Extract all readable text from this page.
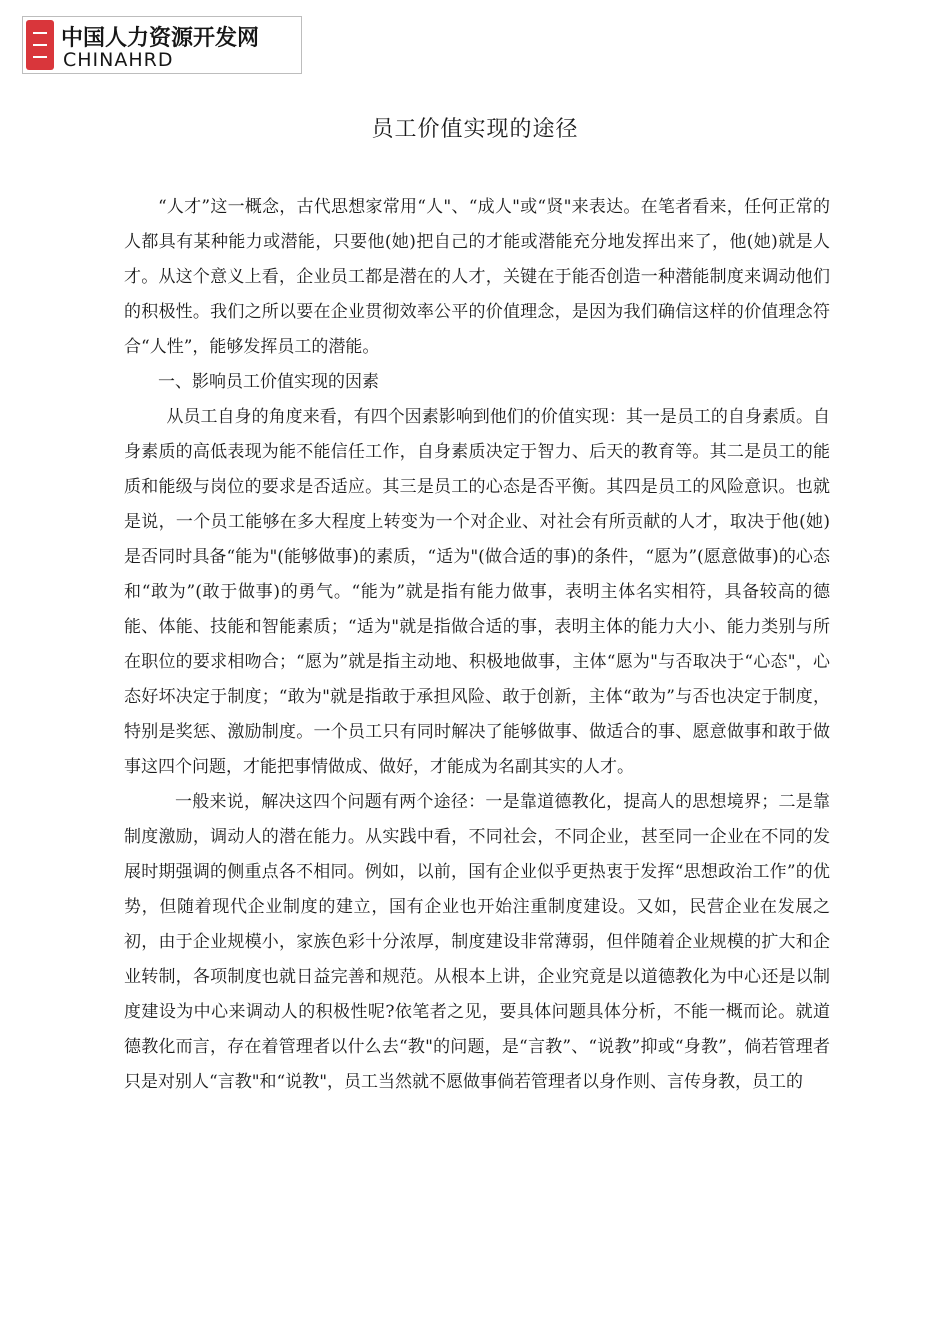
中国人力资源开发网
CHINAHRD
员工价值实现的途径

“人才”这一概念，古代思想家常用“人"、“成人"或“贤"来表达。在笔者看来，任何正常的人都具有某种能力或潜能，只要他(她)把自己的才能或潜能充分地发挥出来了，他(她)就是人才。从这个意义上看，企业员工都是潜在的人才，关键在于能否创造一种潜能制度来调动他们的积极性。我们之所以要在企业贯彻效率公平的价值理念，是因为我们确信这样的价值理念符合“人性”，能够发挥员工的潜能。

一、影响员工价值实现的因素

从员工自身的角度来看，有四个因素影响到他们的价值实现：其一是员工的自身素质。自身素质的高低表现为能不能信任工作，自身素质决定于智力、后天的教育等。其二是员工的能质和能级与岗位的要求是否适应。其三是员工的心态是否平衡。其四是员工的风险意识。也就是说，一个员工能够在多大程度上转变为一个对企业、对社会有所贡献的人才，取决于他(她)是否同时具备“能为"(能够做事)的素质，“适为"(做合适的事)的条件，“愿为”(愿意做事)的心态和“敢为”(敢于做事)的勇气。“能为”就是指有能力做事，表明主体名实相符，具备较高的德能、体能、技能和智能素质；“适为"就是指做合适的事，表明主体的能力大小、能力类别与所在职位的要求相吻合；“愿为”就是指主动地、积极地做事，主体“愿为"与否取决于“心态"，心态好坏决定于制度；“敢为"就是指敢于承担风险、敢于创新，主体“敢为”与否也决定于制度，特别是奖惩、激励制度。一个员工只有同时解决了能够做事、做适合的事、愿意做事和敢于做事这四个问题，才能把事情做成、做好，才能成为名副其实的人才。

一般来说，解决这四个问题有两个途径：一是靠道德教化，提高人的思想境界；二是靠制度激励，调动人的潜在能力。从实践中看，不同社会，不同企业，甚至同一企业在不同的发展时期强调的侧重点各不相同。例如，以前，国有企业似乎更热衷于发挥“思想政治工作”的优势，但随着现代企业制度的建立，国有企业也开始注重制度建设。又如，民营企业在发展之初，由于企业规模小，家族色彩十分浓厚，制度建设非常薄弱，但伴随着企业规模的扩大和企业转制，各项制度也就日益完善和规范。从根本上讲，企业究竟是以道德教化为中心还是以制度建设为中心来调动人的积极性呢?依笔者之见，要具体问题具体分析，不能一概而论。就道德教化而言，存在着管理者以什么去“教"的问题，是“言教”、“说教”抑或“身教”，倘若管理者只是对别人“言教"和“说教"，员工当然就不愿做事倘若管理者以身作则、言传身教，员工的
